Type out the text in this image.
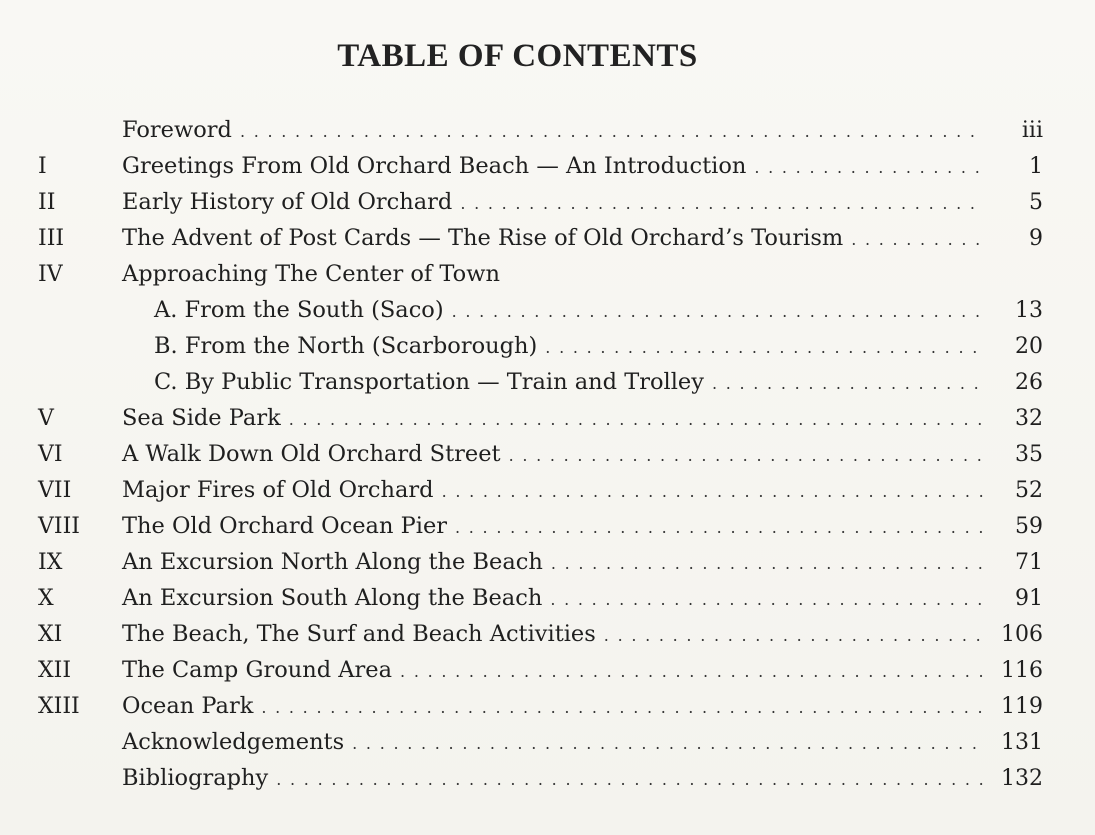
TABLE OF CONTENTS
Foreword . . .	iii
I	Greetings From Old Orchard Beach — An Introduction . . .	1
II	Early History of Old Orchard . . .	5
III	The Advent of Post Cards — The Rise of Old Orchard’s Tourism . . .	9
IV	Approaching The Center of Town
A. From the South (Saco) . . .	13
B. From the North (Scarborough) . . .	20
C. By Public Transportation — Train and Trolley . . .	26
V	Sea Side Park . . .	32
VI	A Walk Down Old Orchard Street . . .	35
VII	Major Fires of Old Orchard . . .	52
VIII	The Old Orchard Ocean Pier . . .	59
IX	An Excursion North Along the Beach . . .	71
X	An Excursion South Along the Beach . . .	91
XI	The Beach, The Surf and Beach Activities . . .	106
XII	The Camp Ground Area . . .	116
XIII	Ocean Park . . .	119
Acknowledgements . . .	131
Bibliography . . .	132
